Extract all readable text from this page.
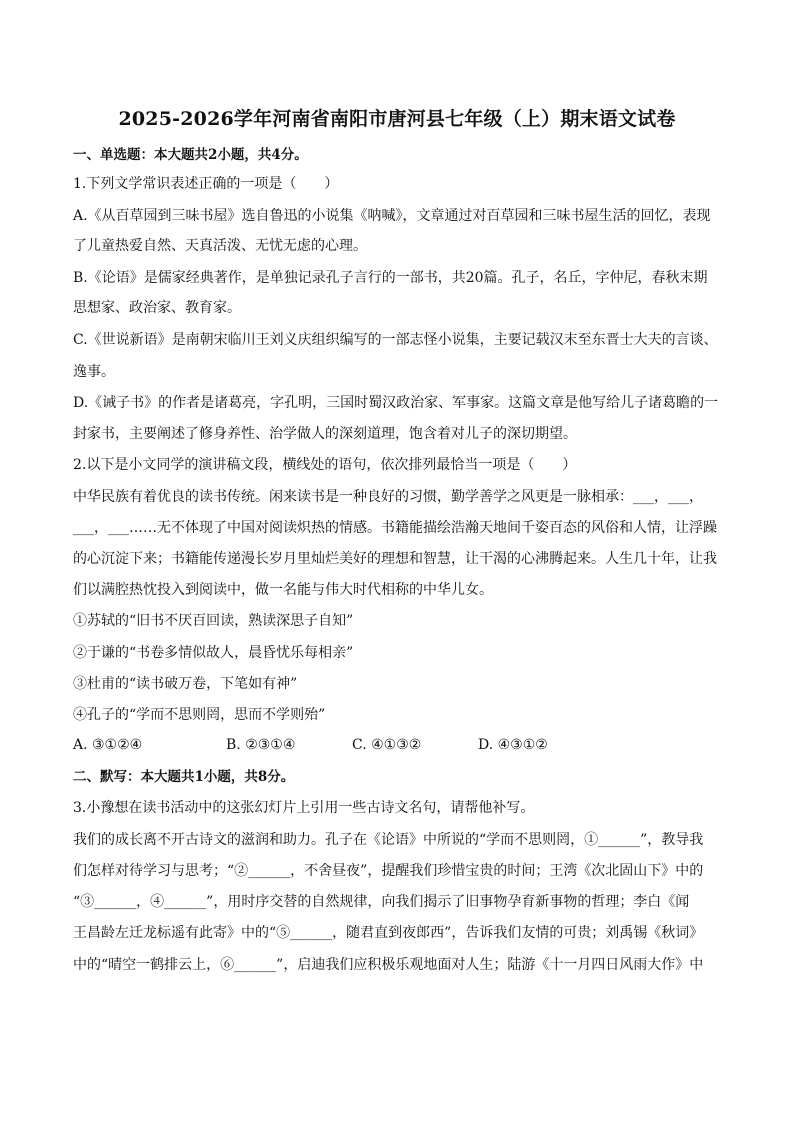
2025-2026学年河南省南阳市唐河县七年级（上）期末语文试卷
一、单选题：本大题共2小题，共4分。
1.下列文学常识表述正确的一项是（　　）
A.《从百草园到三味书屋》选自鲁迅的小说集《呐喊》，文章通过对百草园和三味书屋生活的回忆，表现
了儿童热爱自然、天真活泼、无忧无虑的心理。
B.《论语》是儒家经典著作，是单独记录孔子言行的一部书，共20篇。孔子，名丘，字仲尼，春秋末期
思想家、政治家、教育家。
C.《世说新语》是南朝宋临川王刘义庆组织编写的一部志怪小说集，主要记载汉末至东晋士大夫的言谈、
逸事。
D.《诫子书》的作者是诸葛亮，字孔明，三国时蜀汉政治家、军事家。这篇文章是他写给儿子诸葛瞻的一
封家书，主要阐述了修身养性、治学做人的深刻道理，饱含着对儿子的深切期望。
2.以下是小文同学的演讲稿文段，横线处的语句，依次排列最恰当一项是（　　）
中华民族有着优良的读书传统。闲来读书是一种良好的习惯，勤学善学之风更是一脉相承：___，___，
___，___……无不体现了中国对阅读炽热的情感。书籍能描绘浩瀚天地间千姿百态的风俗和人情，让浮躁
的心沉淀下来；书籍能传递漫长岁月里灿烂美好的理想和智慧，让干渴的心沸腾起来。人生几十年，让我
们以满腔热忱投入到阅读中，做一名能与伟大时代相称的中华儿女。
①苏轼的“旧书不厌百回读，熟读深思子自知”
②于谦的“书卷多情似故人，晨昏忧乐每相亲”
③杜甫的“读书破万卷，下笔如有神”
④孔子的“学而不思则罔，思而不学则殆”
A. ③①②④	B. ②③①④	C. ④①③②	D. ④③①②
二、默写：本大题共1小题，共8分。
3.小豫想在读书活动中的这张幻灯片上引用一些古诗文名句，请帮他补写。
我们的成长离不开古诗文的滋润和助力。孔子在《论语》中所说的“学而不思则罔，①______”，教导我
们怎样对待学习与思考；“②______，不舍昼夜”，提醒我们珍惜宝贵的时间；王湾《次北固山下》中的
“③______，④______”，用时序交替的自然规律，向我们揭示了旧事物孕育新事物的哲理；李白《闻
王昌龄左迁龙标遥有此寄》中的“⑤______，随君直到夜郎西”，告诉我们友情的可贵；刘禹锡《秋词》
中的“晴空一鹤排云上，⑥______”，启迪我们应积极乐观地面对人生；陆游《十一月四日风雨大作》中
